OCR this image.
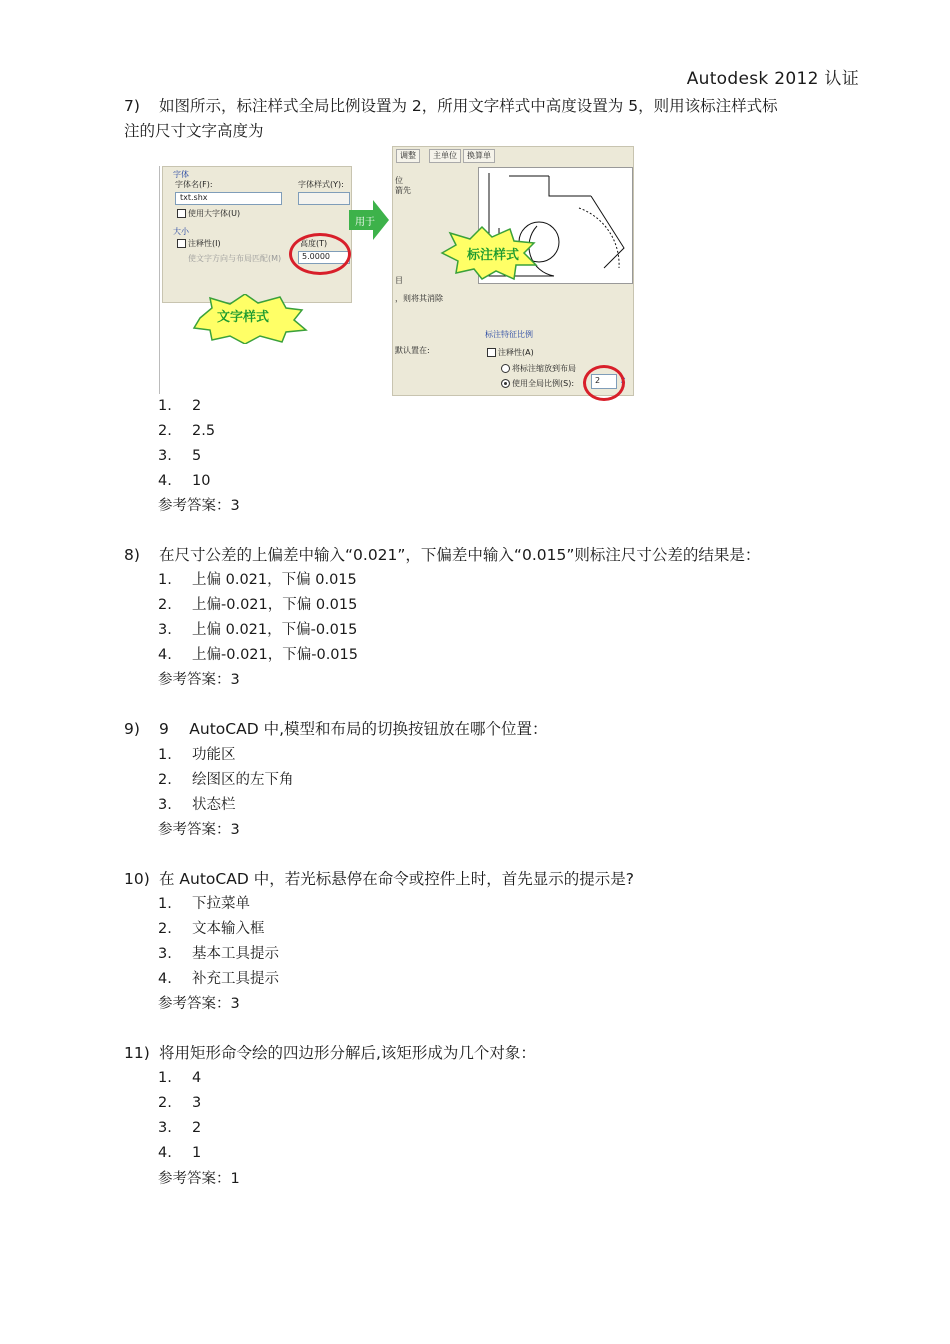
Autodesk 2012 认证
7) 如图所示，标注样式全局比例设置为 2，所用文字样式中高度设置为 5，则用该标注样式标
注的尺寸文字高度为
字体
字体名(F):	字体样式(Y):
txt.shx
使用大字体(U)
大小
注释性(I)
使文字方向与布局匹配(M)
高度(T)
5.0000
文字样式
用于
调整	主单位	换算单
位
箭先
标注样式
目
，则将其消除
默认置在:
标注特征比例
注释性(A)
将标注缩放到布局
使用全局比例(S):	2 ⇕
1. 2
2. 2.5
3. 5
4. 10
参考答案：3
8) 在尺寸公差的上偏差中输入“0.021”，下偏差中输入“0.015”则标注尺寸公差的结果是：
1. 上偏 0.021，下偏 0.015
2. 上偏-0.021，下偏 0.015
3. 上偏 0.021，下偏-0.015
4. 上偏-0.021，下偏-0.015
参考答案：3
9) 9　 AutoCAD 中,模型和布局的切换按钮放在哪个位置：
1. 功能区
2. 绘图区的左下角
3. 状态栏
参考答案：3
10) 在 AutoCAD 中，若光标悬停在命令或控件上时，首先显示的提示是?
1. 下拉菜单
2. 文本输入框
3. 基本工具提示
4. 补充工具提示
参考答案：3
11) 将用矩形命令绘的四边形分解后,该矩形成为几个对象：
1. 4
2. 3
3. 2
4. 1
参考答案：1
